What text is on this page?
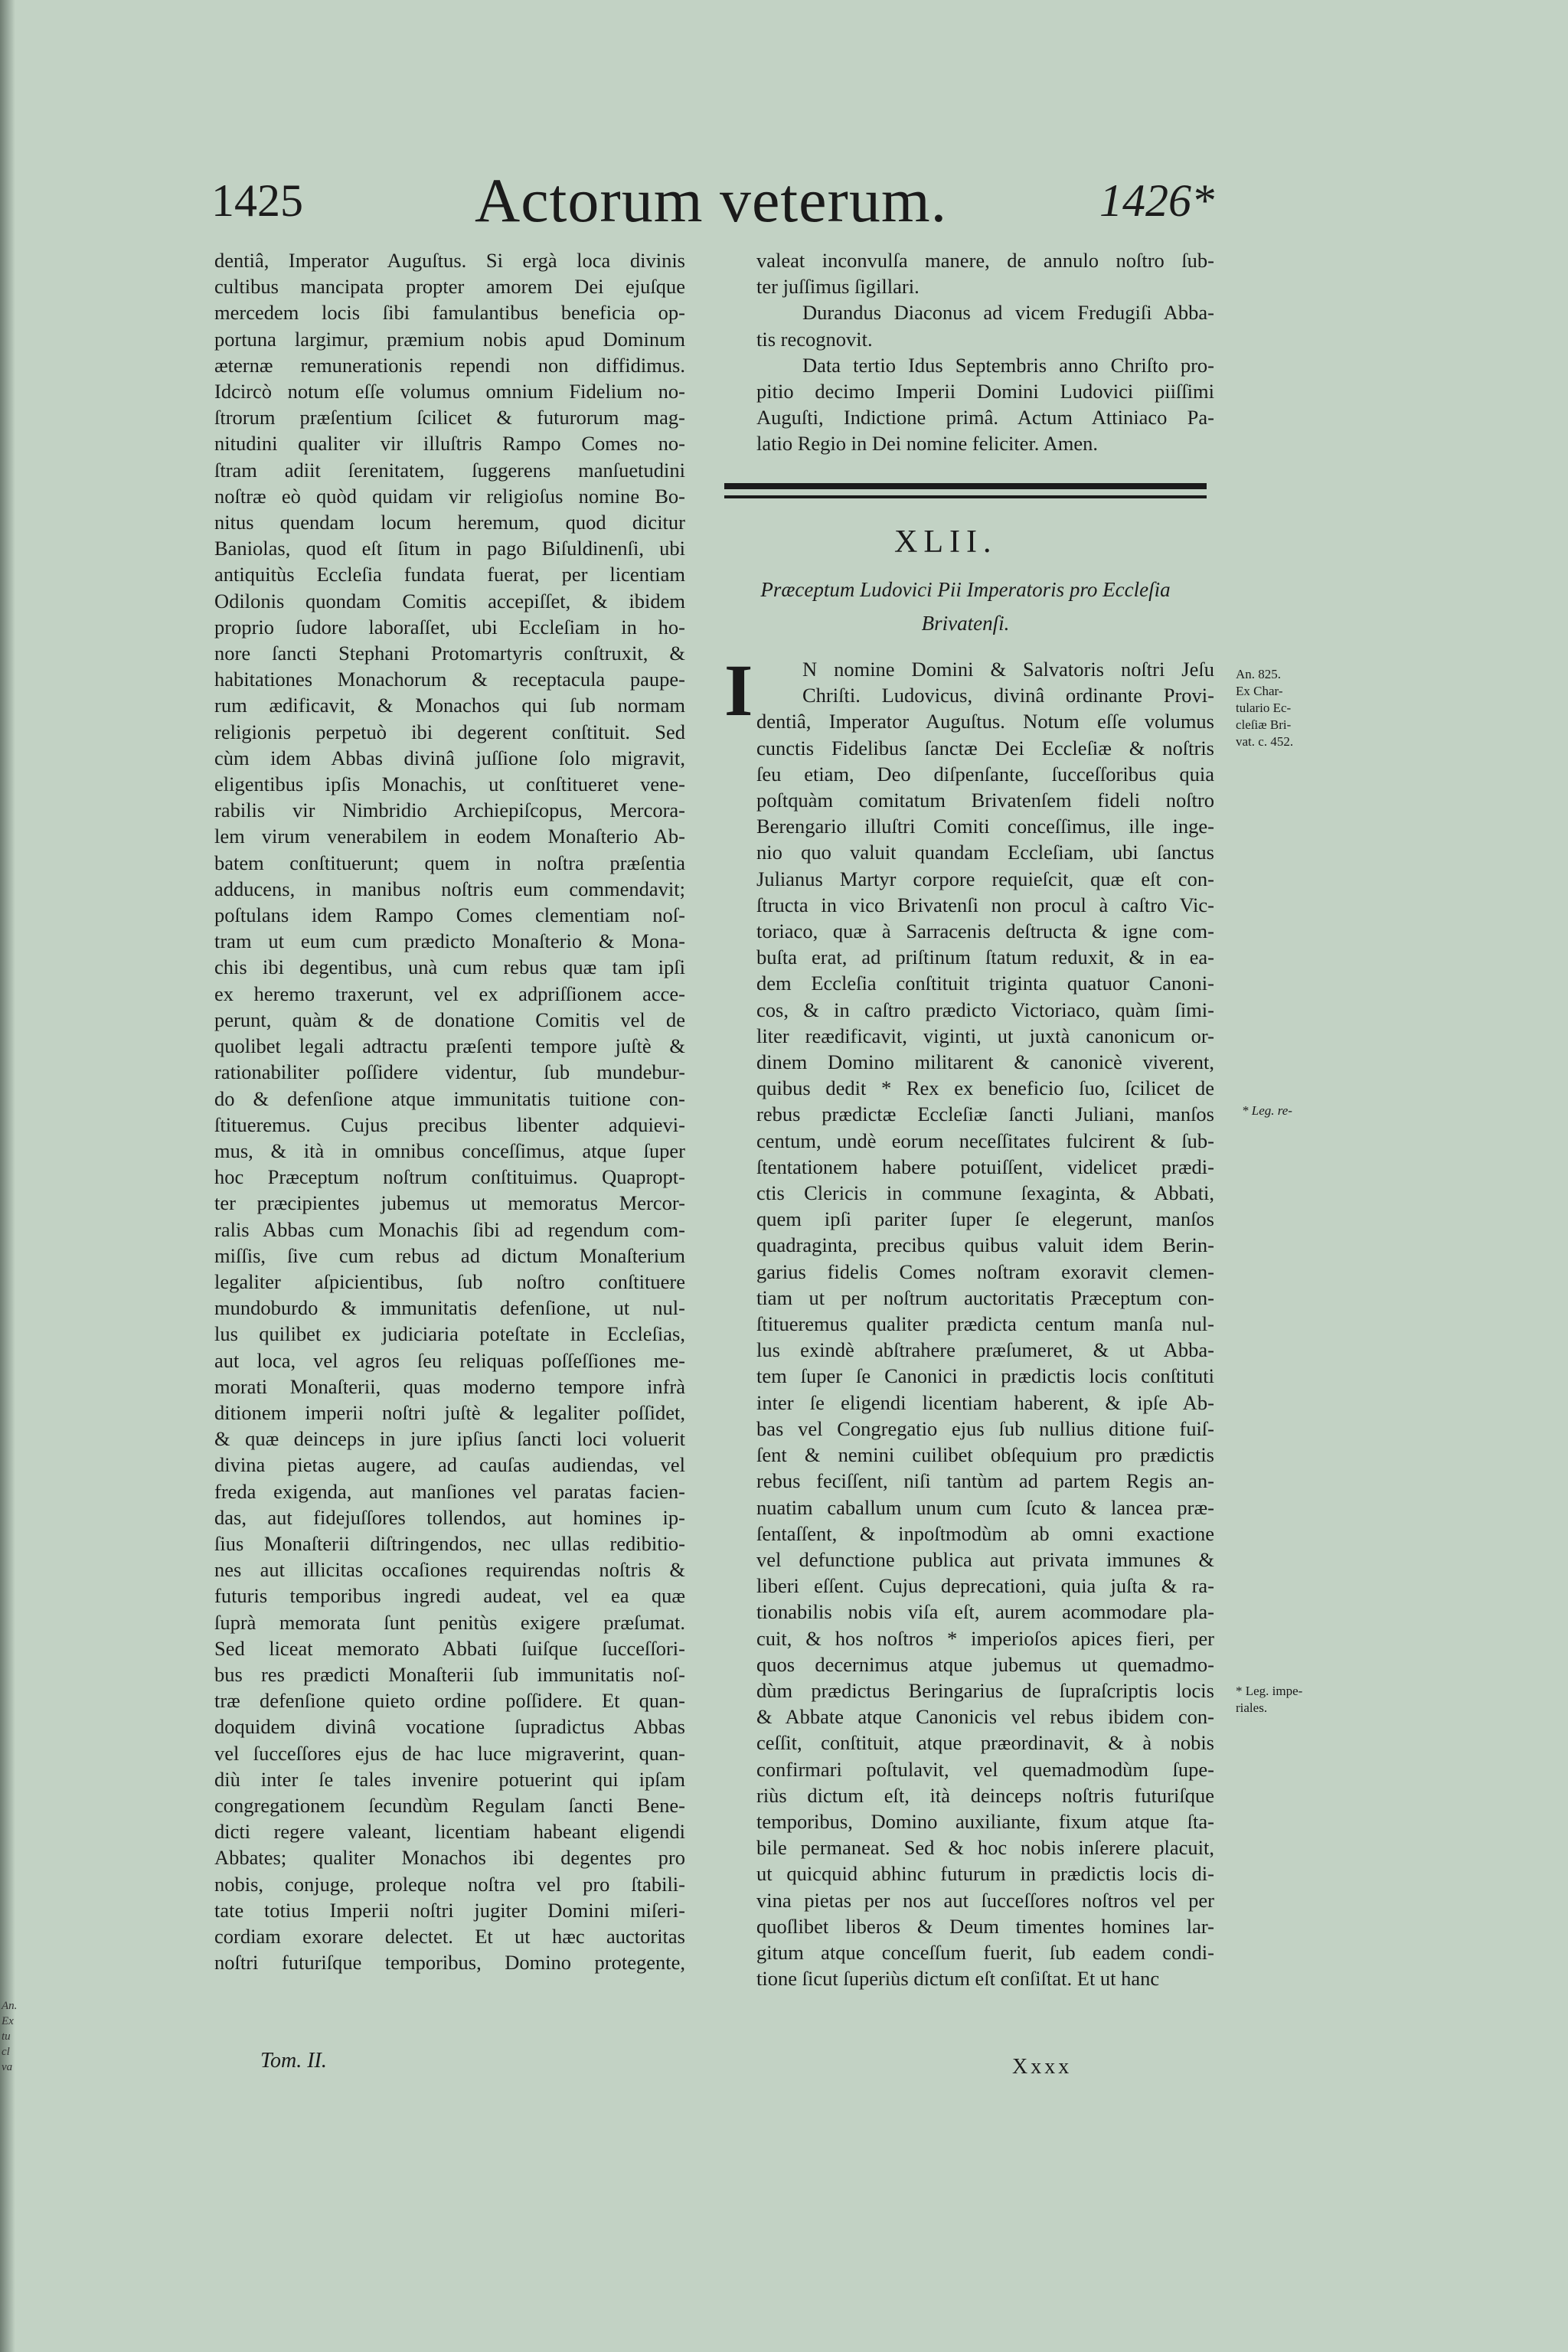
An.
Ex
tu
cl
va
1425	Actorum veterum.	1426*
dentiâ, Imperator Auguſtus. Si ergà loca divinis
cultibus mancipata propter amorem Dei ejuſque
mercedem locis ſibi famulantibus beneficia op-
portuna largimur, præmium nobis apud Dominum
æternæ remunerationis rependi non diffidimus.
Idcircò notum eſſe volumus omnium Fidelium no-
ſtrorum præſentium ſcilicet & futurorum mag-
nitudini qualiter vir illuſtris Rampo Comes no-
ſtram adiit ſerenitatem, ſuggerens manſuetudini
noſtræ eò quòd quidam vir religioſus nomine Bo-
nitus quendam locum heremum, quod dicitur
Baniolas, quod eſt ſitum in pago Biſuldinenſi, ubi
antiquitùs Eccleſia fundata fuerat, per licentiam
Odilonis quondam Comitis accepiſſet, & ibidem
proprio ſudore laboraſſet, ubi Eccleſiam in ho-
nore ſancti Stephani Protomartyris conſtruxit, &
habitationes Monachorum & receptacula paupe-
rum ædificavit, & Monachos qui ſub normam
religionis perpetuò ibi degerent conſtituit. Sed
cùm idem Abbas divinâ juſſione ſolo migravit,
eligentibus ipſis Monachis, ut conſtitueret vene-
rabilis vir Nimbridio Archiepiſcopus, Mercora-
lem virum venerabilem in eodem Monaſterio Ab-
batem conſtituerunt; quem in noſtra præſentia
adducens, in manibus noſtris eum commendavit;
poſtulans idem Rampo Comes clementiam noſ-
tram ut eum cum prædicto Monaſterio & Mona-
chis ibi degentibus, unà cum rebus quæ tam ipſi
ex heremo traxerunt, vel ex adpriſſionem acce-
perunt, quàm & de donatione Comitis vel de
quolibet legali adtractu præſenti tempore juſtè &
rationabiliter poſſidere videntur, ſub mundebur-
do & defenſione atque immunitatis tuitione con-
ſtitueremus. Cujus precibus libenter adquievi-
mus, & ità in omnibus conceſſimus, atque ſuper
hoc Præceptum noſtrum conſtituimus. Quapropt-
ter præcipientes jubemus ut memoratus Mercor-
ralis Abbas cum Monachis ſibi ad regendum com-
miſſis, ſive cum rebus ad dictum Monaſterium
legaliter aſpicientibus, ſub noſtro conſtituere
mundoburdo & immunitatis defenſione, ut nul-
lus quilibet ex judiciaria poteſtate in Eccleſias,
aut loca, vel agros ſeu reliquas poſſeſſiones me-
morati Monaſterii, quas moderno tempore infrà
ditionem imperii noſtri juſtè & legaliter poſſidet,
& quæ deinceps in jure ipſius ſancti loci voluerit
divina pietas augere, ad cauſas audiendas, vel
freda exigenda, aut manſiones vel paratas facien-
das, aut fidejuſſores tollendos, aut homines ip-
ſius Monaſterii diſtringendos, nec ullas redibitio-
nes aut illicitas occaſiones requirendas noſtris &
futuris temporibus ingredi audeat, vel ea quæ
ſuprà memorata ſunt penitùs exigere præſumat.
Sed liceat memorato Abbati ſuiſque ſucceſſori-
bus res prædicti Monaſterii ſub immunitatis noſ-
træ defenſione quieto ordine poſſidere. Et quan-
doquidem divinâ vocatione ſupradictus Abbas
vel ſucceſſores ejus de hac luce migraverint, quan-
diù inter ſe tales invenire potuerint qui ipſam
congregationem ſecundùm Regulam ſancti Bene-
dicti regere valeant, licentiam habeant eligendi
Abbates; qualiter Monachos ibi degentes pro
nobis, conjuge, proleque noſtra vel pro ſtabili-
tate totius Imperii noſtri jugiter Domini miſeri-
cordiam exorare delectet. Et ut hæc auctoritas
noſtri futuriſque temporibus, Domino protegente,
Tom. II.
valeat inconvulſa manere, de annulo noſtro ſub-
ter juſſimus ſigillari.
Durandus Diaconus ad vicem Fredugiſi Abba-
tis recognovit.
Data tertio Idus Septembris anno Chriſto pro-
pitio decimo Imperii Domini Ludovici piiſſimi
Auguſti, Indictione primâ. Actum Attiniaco Pa-
latio Regio in Dei nomine feliciter. Amen.
XLII.
Præceptum Ludovici Pii Imperatoris pro Eccleſia
Brivatenſi.
I	N nomine Domini & Salvatoris noſtri Jeſu
Chriſti. Ludovicus, divinâ ordinante Provi-
dentiâ, Imperator Auguſtus. Notum eſſe volumus
cunctis Fidelibus ſanctæ Dei Eccleſiæ & noſtris
ſeu etiam, Deo diſpenſante, ſucceſſoribus quia
poſtquàm comitatum Brivatenſem fideli noſtro
Berengario illuſtri Comiti conceſſimus, ille inge-
nio quo valuit quandam Eccleſiam, ubi ſanctus
Julianus Martyr corpore requieſcit, quæ eſt con-
ſtructa in vico Brivatenſi non procul à caſtro Vic-
toriaco, quæ à Sarracenis deſtructa & igne com-
buſta erat, ad priſtinum ſtatum reduxit, & in ea-
dem Eccleſia conſtituit triginta quatuor Canoni-
cos, & in caſtro prædicto Victoriaco, quàm ſimi-
liter reædificavit, viginti, ut juxtà canonicum or-
dinem Domino militarent & canonicè viverent,
quibus dedit * Rex ex beneficio ſuo, ſcilicet de
rebus prædictæ Eccleſiæ ſancti Juliani, manſos
centum, undè eorum neceſſitates fulcirent & ſub-
ſtentationem habere potuiſſent, videlicet prædi-
ctis Clericis in commune ſexaginta, & Abbati,
quem ipſi pariter ſuper ſe elegerunt, manſos
quadraginta, precibus quibus valuit idem Berin-
garius fidelis Comes noſtram exoravit clemen-
tiam ut per noſtrum auctoritatis Præceptum con-
ſtitueremus qualiter prædicta centum manſa nul-
lus exindè abſtrahere præſumeret, & ut Abba-
tem ſuper ſe Canonici in prædictis locis conſtituti
inter ſe eligendi licentiam haberent, & ipſe Ab-
bas vel Congregatio ejus ſub nullius ditione fuiſ-
ſent & nemini cuilibet obſequium pro prædictis
rebus feciſſent, niſi tantùm ad partem Regis an-
nuatim caballum unum cum ſcuto & lancea præ-
ſentaſſent, & inpoſtmodùm ab omni exactione
vel defunctione publica aut privata immunes &
liberi eſſent. Cujus deprecationi, quia juſta & ra-
tionabilis nobis viſa eſt, aurem acommodare pla-
cuit, & hos noſtros * imperioſos apices fieri, per
quos decernimus atque jubemus ut quemadmo-
dùm prædictus Beringarius de ſupraſcriptis locis
& Abbate atque Canonicis vel rebus ibidem con-
ceſſit, conſtituit, atque præordinavit, & à nobis
confirmari poſtulavit, vel quemadmodùm ſupe-
riùs dictum eſt, ità deinceps noſtris futuriſque
temporibus, Domino auxiliante, fixum atque ſta-
bile permaneat. Sed & hoc nobis inſerere placuit,
ut quicquid abhinc futurum in prædictis locis di-
vina pietas per nos aut ſucceſſores noſtros vel per
quoſlibet liberos & Deum timentes homines lar-
gitum atque conceſſum fuerit, ſub eadem condi-
tione ſicut ſuperiùs dictum eſt conſiſtat. Et ut hanc
Xxxx
An. 825.
Ex Char-
tulario Ec-
cleſiæ Bri-
vat. c. 452.
* Leg. re-
* Leg. impe-
riales.
